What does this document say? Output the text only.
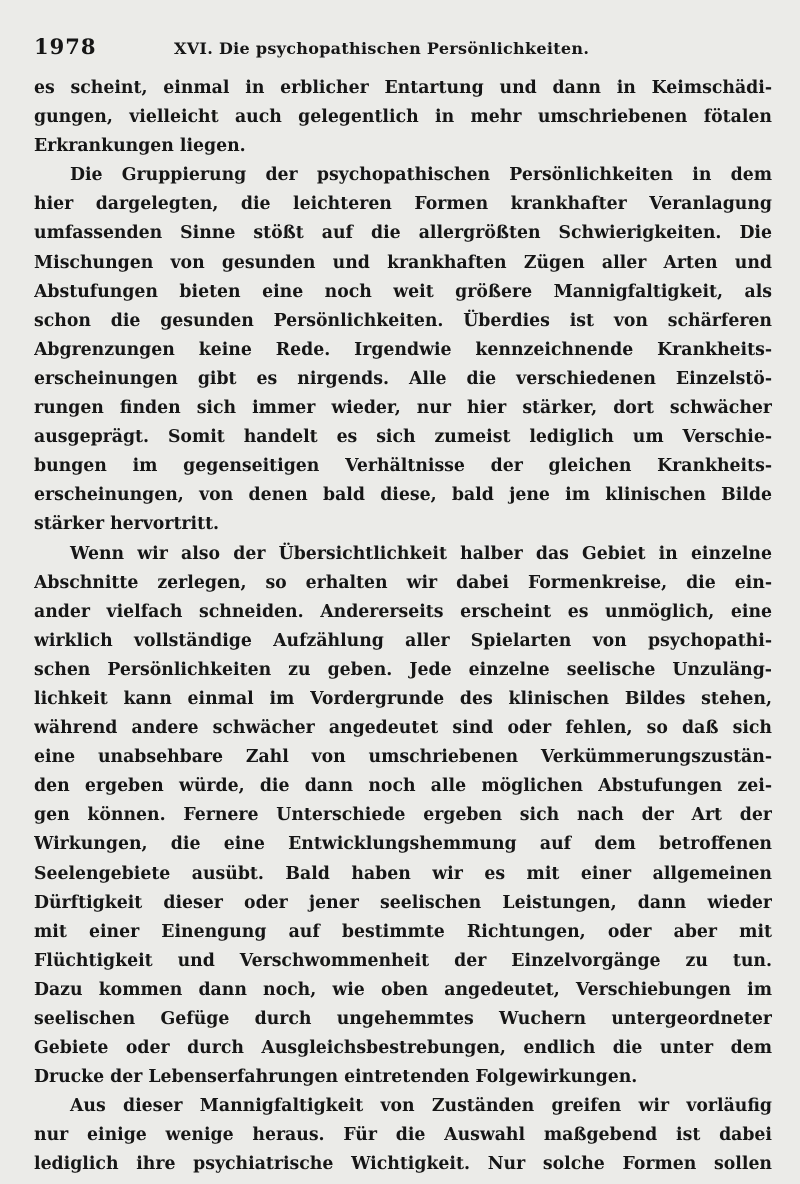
1978	XVI. Die psychopathischen Persönlichkeiten.
es scheint, einmal in erblicher Entartung und dann in Keimschädi-
gungen, vielleicht auch gelegentlich in mehr umschriebenen fötalen
Erkrankungen liegen.
Die Gruppierung der psychopathischen Persönlichkeiten in dem
hier dargelegten, die leichteren Formen krankhafter Veranlagung
umfassenden Sinne stößt auf die allergrößten Schwierigkeiten. Die
Mischungen von gesunden und krankhaften Zügen aller Arten und
Abstufungen bieten eine noch weit größere Mannigfaltigkeit, als
schon die gesunden Persönlichkeiten. Überdies ist von schärferen
Abgrenzungen keine Rede. Irgendwie kennzeichnende Krankheits-
erscheinungen gibt es nirgends. Alle die verschiedenen Einzelstö-
rungen finden sich immer wieder, nur hier stärker, dort schwächer
ausgeprägt. Somit handelt es sich zumeist lediglich um Verschie-
bungen im gegenseitigen Verhältnisse der gleichen Krankheits-
erscheinungen, von denen bald diese, bald jene im klinischen Bilde
stärker hervortritt.
Wenn wir also der Übersichtlichkeit halber das Gebiet in einzelne
Abschnitte zerlegen, so erhalten wir dabei Formenkreise, die ein-
ander vielfach schneiden. Andererseits erscheint es unmöglich, eine
wirklich vollständige Aufzählung aller Spielarten von psychopathi-
schen Persönlichkeiten zu geben. Jede einzelne seelische Unzuläng-
lichkeit kann einmal im Vordergrunde des klinischen Bildes stehen,
während andere schwächer angedeutet sind oder fehlen, so daß sich
eine unabsehbare Zahl von umschriebenen Verkümmerungszustän-
den ergeben würde, die dann noch alle möglichen Abstufungen zei-
gen können. Fernere Unterschiede ergeben sich nach der Art der
Wirkungen, die eine Entwicklungshemmung auf dem betroffenen
Seelengebiete ausübt. Bald haben wir es mit einer allgemeinen
Dürftigkeit dieser oder jener seelischen Leistungen, dann wieder
mit einer Einengung auf bestimmte Richtungen, oder aber mit
Flüchtigkeit und Verschwommenheit der Einzelvorgänge zu tun.
Dazu kommen dann noch, wie oben angedeutet, Verschiebungen im
seelischen Gefüge durch ungehemmtes Wuchern untergeordneter
Gebiete oder durch Ausgleichsbestrebungen, endlich die unter dem
Drucke der Lebenserfahrungen eintretenden Folgewirkungen.
Aus dieser Mannigfaltigkeit von Zuständen greifen wir vorläufig
nur einige wenige heraus. Für die Auswahl maßgebend ist dabei
lediglich ihre psychiatrische Wichtigkeit. Nur solche Formen sollen
